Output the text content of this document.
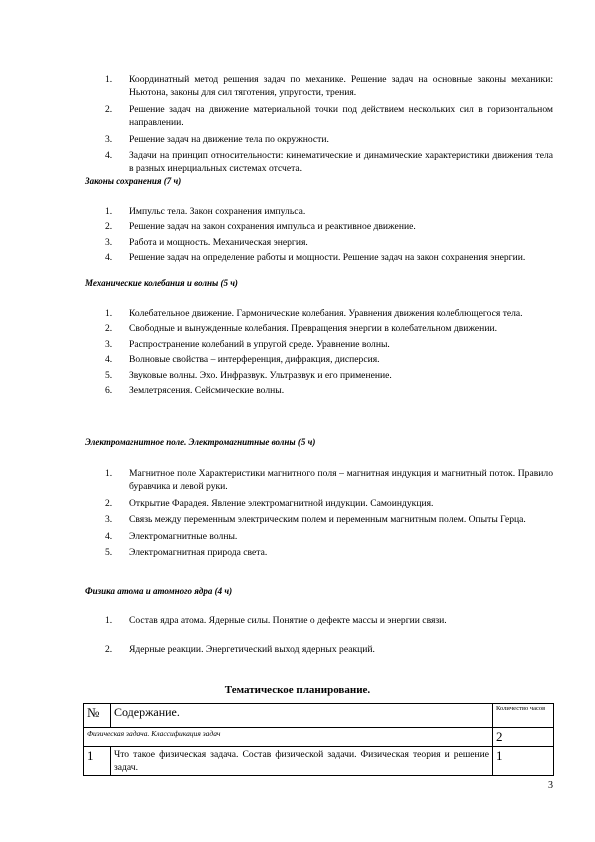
1. Координатный метод решения задач по механике. Решение задач на основные законы механики: Ньютона, законы для сил тяготения, упругости, трения.
2. Решение задач на движение материальной точки под действием нескольких сил в горизонтальном направлении.
3. Решение задач на движение тела по окружности.
4. Задачи на принцип относительности: кинематические и динамические характеристики движения тела в разных инерциальных системах отсчета.
Законы сохранения (7 ч)
1. Импульс тела. Закон сохранения импульса.
2. Решение задач на закон сохранения импульса и реактивное движение.
3. Работа и мощность. Механическая энергия.
4. Решение задач на определение работы и мощности. Решение задач на закон сохранения энергии.
Механические колебания и волны (5 ч)
1. Колебательное движение. Гармонические колебания. Уравнения движения колеблющегося тела.
2. Свободные и вынужденные колебания. Превращения энергии в колебательном движении.
3. Распространение колебаний в упругой среде. Уравнение волны.
4. Волновые свойства – интерференция, дифракция, дисперсия.
5. Звуковые волны. Эхо. Инфразвук. Ультразвук и его применение.
6. Землетрясения. Сейсмические волны.
Электромагнитное поле. Электромагнитные волны (5 ч)
1. Магнитное поле Характеристики магнитного поля – магнитная индукция и магнитный поток. Правило буравчика и левой руки.
2. Открытие Фарадея. Явление электромагнитной индукции. Самоиндукция.
3. Связь между переменным электрическим полем и переменным магнитным полем. Опыты Герца.
4. Электромагнитные волны.
5. Электромагнитная природа света.
Физика атома и атомного ядра (4 ч)
1. Состав ядра атома. Ядерные силы. Понятие о дефекте массы и энергии связи.
2. Ядерные реакции. Энергетический выход ядерных реакций.
Тематическое планирование.
№	Содержание.	Количество часов
Физическая задача. Классификация задач		2
1	Что такое физическая задача. Состав физической задачи. Физическая теория и решение задач.	1
3
